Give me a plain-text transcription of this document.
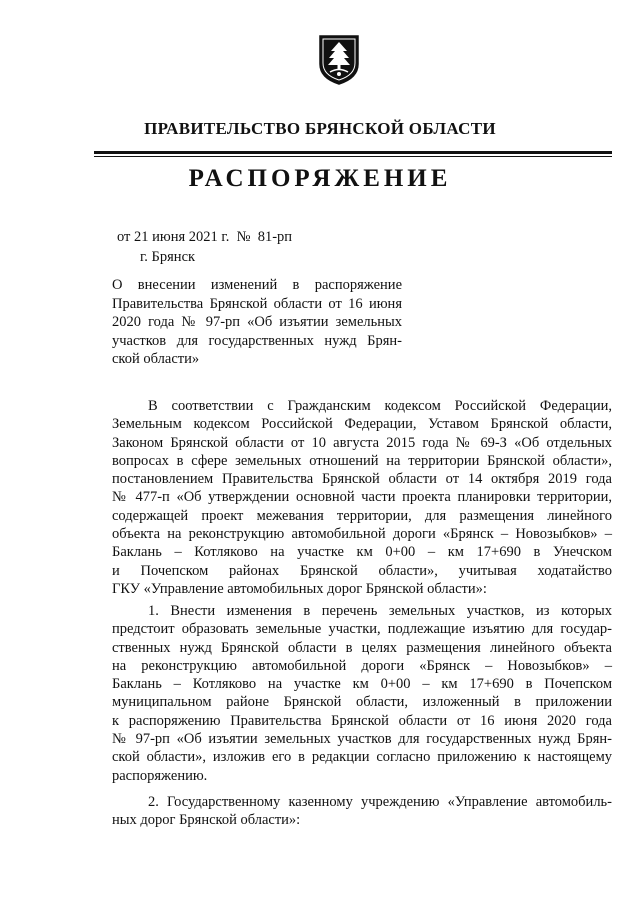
ПРАВИТЕЛЬСТВО БРЯНСКОЙ ОБЛАСТИ
РАСПОРЯЖЕНИЕ
от 21 июня 2021 г.  №  81-рп
г. Брянск
О внесении изменений в распоряжение
Правительства Брянской области от 16 июня
2020 года № 97-рп «Об изъятии земельных
участков для государственных нужд Брян-
ской области»
В соответствии с Гражданским кодексом Российской Федерации,
Земельным кодексом Российской Федерации, Уставом Брянской области,
Законом Брянской области от 10 августа 2015 года № 69-З «Об отдельных
вопросах в сфере земельных отношений на территории Брянской области»,
постановлением Правительства Брянской области от 14 октября 2019 года
№ 477-п «Об утверждении основной части проекта планировки территории,
содержащей проект межевания территории, для размещения линейного
объекта на реконструкцию автомобильной дороги «Брянск – Новозыбков» –
Баклань – Котляково на участке км 0+00 – км 17+690 в Унечском
и Почепском районах Брянской области», учитывая ходатайство
ГКУ «Управление автомобильных дорог Брянской области»:
1. Внести изменения в перечень земельных участков, из которых
предстоит образовать земельные участки, подлежащие изъятию для государ-
ственных нужд Брянской области в целях размещения линейного объекта
на реконструкцию автомобильной дороги «Брянск – Новозыбков» –
Баклань – Котляково на участке км 0+00 – км 17+690 в Почепском
муниципальном районе Брянской области, изложенный в приложении
к распоряжению Правительства Брянской области от 16 июня 2020 года
№ 97-рп «Об изъятии земельных участков для государственных нужд Брян-
ской области», изложив его в редакции согласно приложению к настоящему
распоряжению.
2. Государственному казенному учреждению «Управление автомобиль-
ных дорог Брянской области»:
